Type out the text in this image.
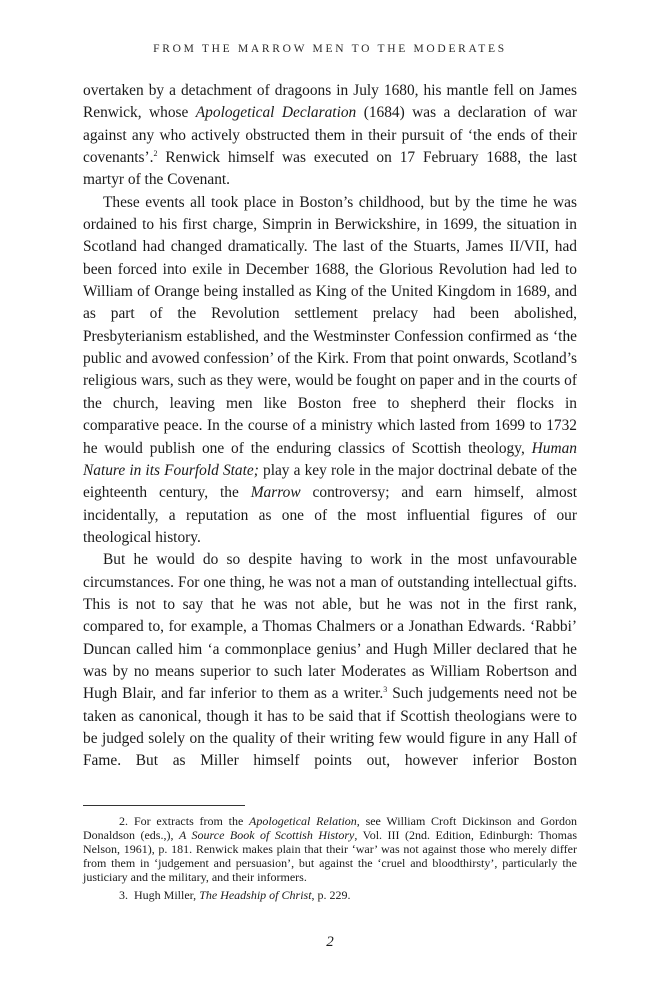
FROM THE MARROW MEN TO THE MODERATES

overtaken by a detachment of dragoons in July 1680, his mantle fell on James Renwick, whose Apologetical Declaration (1684) was a declaration of war against any who actively obstructed them in their pursuit of ‘the ends of their covenants’.$^2$ Renwick himself was executed on 17 February 1688, the last martyr of the Covenant.

These events all took place in Boston’s childhood, but by the time he was ordained to his first charge, Simprin in Berwickshire, in 1699, the situation in Scotland had changed dramatically. The last of the Stuarts, James II/VII, had been forced into exile in December 1688, the Glorious Revolution had led to William of Orange being installed as King of the United Kingdom in 1689, and as part of the Revolution settlement prelacy had been abolished, Presbyterianism established, and the Westminster Confession confirmed as ‘the public and avowed confession’ of the Kirk. From that point onwards, Scotland’s religious wars, such as they were, would be fought on paper and in the courts of the church, leaving men like Boston free to shepherd their flocks in comparative peace. In the course of a ministry which lasted from 1699 to 1732 he would publish one of the enduring classics of Scottish theology, Human Nature in its Fourfold State; play a key role in the major doctrinal debate of the eighteenth century, the Marrow controversy; and earn himself, almost incidentally, a reputation as one of the most influential figures of our theological history.

But he would do so despite having to work in the most unfavourable circumstances. For one thing, he was not a man of outstanding intellectual gifts. This is not to say that he was not able, but he was not in the first rank, compared to, for example, a Thomas Chalmers or a Jonathan Edwards. ‘Rabbi’ Duncan called him ‘a commonplace genius’ and Hugh Miller declared that he was by no means superior to such later Moderates as William Robertson and Hugh Blair, and far inferior to them as a writer.$^3$ Such judgements need not be taken as canonical, though it has to be said that if Scottish theologians were to be judged solely on the quality of their writing few would figure in any Hall of Fame. But as Miller himself points out, however inferior Boston

2. For extracts from the Apologetical Relation, see William Croft Dickinson and Gordon Donaldson (eds.,), A Source Book of Scottish History, Vol. III (2nd. Edition, Edinburgh: Thomas Nelson, 1961), p. 181. Renwick makes plain that their ‘war’ was not against those who merely differ from them in ‘judgement and persuasion’, but against the ‘cruel and bloodthirsty’, particularly the justiciary and the military, and their informers.

3. Hugh Miller, The Headship of Christ, p. 229.

2
